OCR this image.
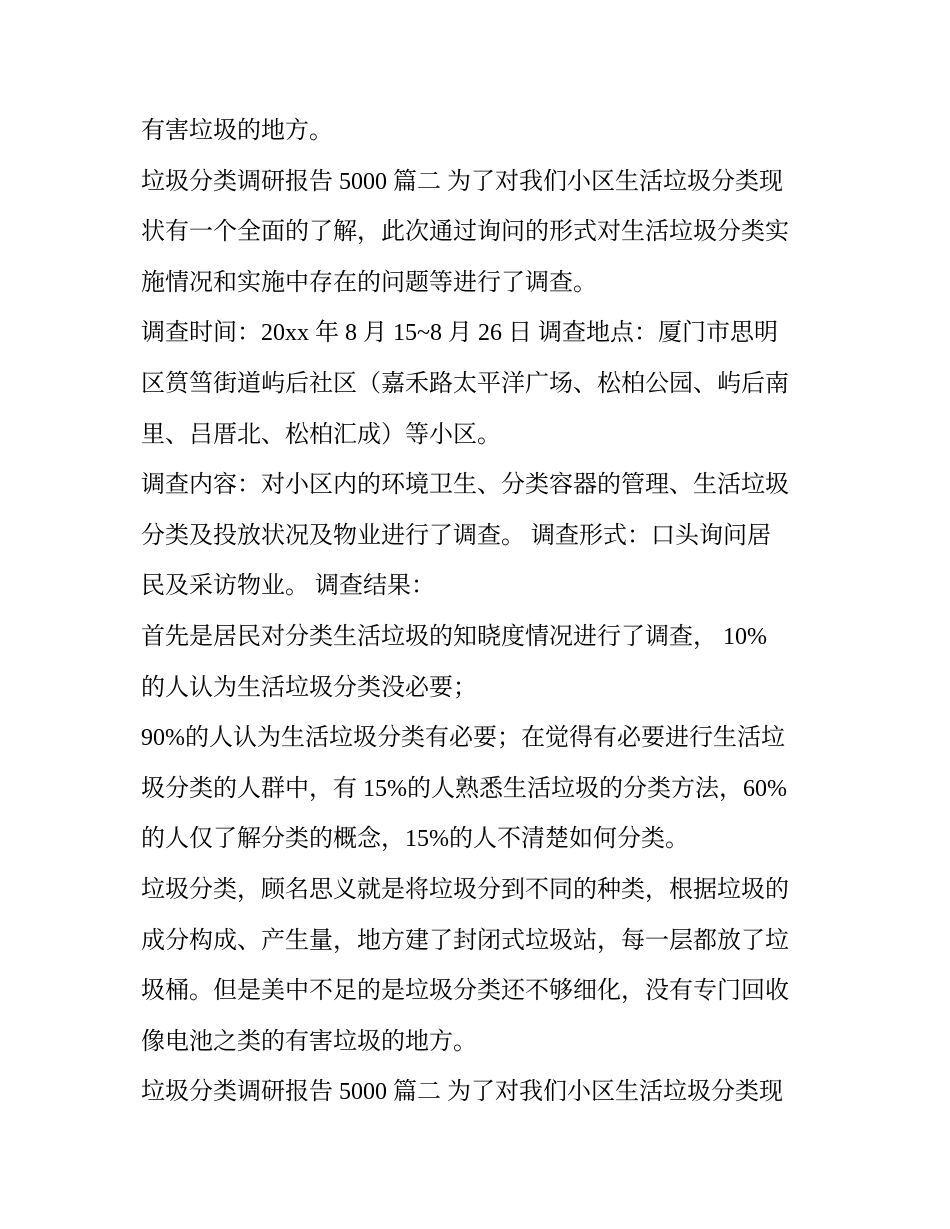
有害垃圾的地方。
垃圾分类调研报告 5000 篇二 为了对我们小区生活垃圾分类现
状有一个全面的了解，此次通过询问的形式对生活垃圾分类实
施情况和实施中存在的问题等进行了调查。
调查时间：20xx 年 8 月 15~8 月 26 日 调查地点：厦门市思明
区筼筜街道屿后社区（嘉禾路太平洋广场、松柏公园、屿后南
里、吕厝北、松柏汇成）等小区。
调查内容：对小区内的环境卫生、分类容器的管理、生活垃圾
分类及投放状况及物业进行了调查。 调查形式：口头询问居
民及采访物业。 调查结果：
首先是居民对分类生活垃圾的知晓度情况进行了调查， 10%
的人认为生活垃圾分类没必要；
90%的人认为生活垃圾分类有必要；在觉得有必要进行生活垃
圾分类的人群中，有 15%的人熟悉生活垃圾的分类方法，60%
的人仅了解分类的概念，15%的人不清楚如何分类。
垃圾分类，顾名思义就是将垃圾分到不同的种类，根据垃圾的
成分构成、产生量，地方建了封闭式垃圾站，每一层都放了垃
圾桶。但是美中不足的是垃圾分类还不够细化，没有专门回收
像电池之类的有害垃圾的地方。
垃圾分类调研报告 5000 篇二 为了对我们小区生活垃圾分类现
